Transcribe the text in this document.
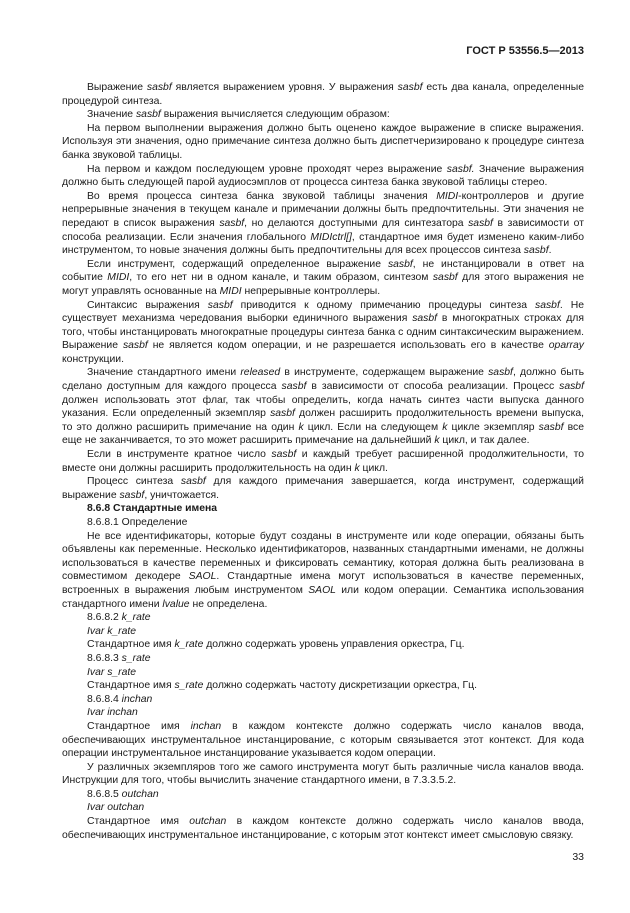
ГОСТ Р 53556.5—2013

Выражение sasbf является выражением уровня. У выражения sasbf есть два канала, определенные процедурой синтеза.

Значение sasbf выражения вычисляется следующим образом:

На первом выполнении выражения должно быть оценено каждое выражение в списке выражения. Используя эти значения, одно примечание синтеза должно быть диспетчеризировано к процедуре синтеза банка звуковой таблицы.

На первом и каждом последующем уровне проходят через выражение sasbf. Значение выражения должно быть следующей парой аудиосэмплов от процесса синтеза банка звуковой таблицы стерео.

Во время процесса синтеза банка звуковой таблицы значения MIDI-контроллеров и другие непрерывные значения в текущем канале и примечании должны быть предпочтительны. Эти значения не передают в список выражения sasbf, но делаются доступными для синтезатора sasbf в зависимости от способа реализации. Если значения глобального MIDIctrl[], стандартное имя будет изменено каким-либо инструментом, то новые значения должны быть предпочтительны для всех процессов синтеза sasbf.

Если инструмент, содержащий определенное выражение sasbf, не инстанцировали в ответ на событие MIDI, то его нет ни в одном канале, и таким образом, синтезом sasbf для этого выражения не могут управлять основанные на MIDI непрерывные контроллеры.

Синтаксис выражения sasbf приводится к одному примечанию процедуры синтеза sasbf. Не существует механизма чередования выборки единичного выражения sasbf в многократных строках для того, чтобы инстанцировать многократные процедуры синтеза банка с одним синтаксическим выражением. Выражение sasbf не является кодом операции, и не разрешается использовать его в качестве oparray конструкции.

Значение стандартного имени released в инструменте, содержащем выражение sasbf, должно быть сделано доступным для каждого процесса sasbf в зависимости от способа реализации. Процесс sasbf должен использовать этот флаг, так чтобы определить, когда начать синтез части выпуска данного указания. Если определенный экземпляр sasbf должен расширить продолжительность времени выпуска, то это должно расширить примечание на один k цикл. Если на следующем k цикле экземпляр sasbf все еще не заканчивается, то это может расширить примечание на дальнейший k цикл, и так далее.

Если в инструменте кратное число sasbf и каждый требует расширенной продолжительности, то вместе они должны расширить продолжительность на один k цикл.

Процесс синтеза sasbf для каждого примечания завершается, когда инструмент, содержащий выражение sasbf, уничтожается.

8.6.8 Стандартные имена

8.6.8.1 Определение

Не все идентификаторы, которые будут созданы в инструменте или коде операции, обязаны быть объявлены как переменные. Несколько идентификаторов, названных стандартными именами, не должны использоваться в качестве переменных и фиксировать семантику, которая должна быть реализована в совместимом декодере SAOL. Стандартные имена могут использоваться в качестве переменных, встроенных в выражения любым инструментом SAOL или кодом операции. Семантика использования стандартного имени lvalue не определена.

8.6.8.2 k_rate

Ivar k_rate

Стандартное имя k_rate должно содержать уровень управления оркестра, Гц.

8.6.8.3 s_rate

Ivar s_rate

Стандартное имя s_rate должно содержать частоту дискретизации оркестра, Гц.

8.6.8.4 inchan

Ivar inchan

Стандартное имя inchan в каждом контексте должно содержать число каналов ввода, обеспечивающих инструментальное инстанцирование, с которым связывается этот контекст. Для кода операции инструментальное инстанцирование указывается кодом операции.

У различных экземпляров того же самого инструмента могут быть различные числа каналов ввода. Инструкции для того, чтобы вычислить значение стандартного имени, в 7.3.3.5.2.

8.6.8.5 outchan

Ivar outchan

Стандартное имя outchan в каждом контексте должно содержать число каналов ввода, обеспечивающих инструментальное инстанцирование, с которым этот контекст имеет смысловую связку.

33
